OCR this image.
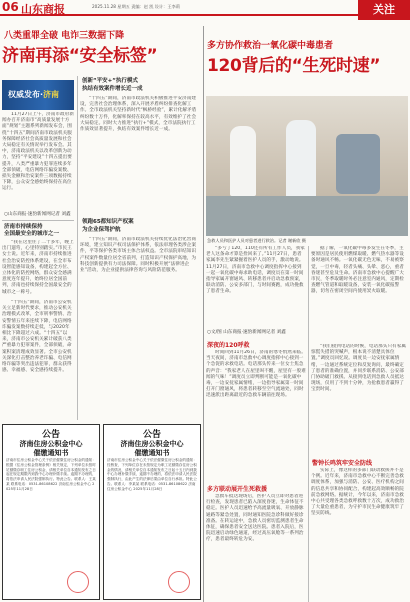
06 山东商报	2025.11.28 星期五 责编：赵 凯 设计：王李莉	关注
八类重罪全破 电诈三数据下降
济南再添“安全标签”
权威发布·济南

11月27日上午，济南市政府新闻办召开济南市“高质量发展十方面”规划”主题系列新闻发布会，围绕“十四五”期间济南市政法机关服务保障经济社会高质量发展和社会大局稳定有关情况举行发布会。其中，济南政法机关以改革创新为动力，坚持“平安建设”十四五提出要提升，八类严重暴力犯罪连续多年全部侦破，电信网络诈骗发案数、损失金额和治安案件三项数据持续下降，公众安全感始终保持在高位运行。

○山东商报·速豹新闻网记者 刘鑫
济南市持续保持
全国最安全的城市之一

“我在这里住了二十多年，晚上出门遛弯，心里特别踏实。”市民王女士说。近年来，济南市持续推进社会治安防控体系建设，在全市布设智能感知设备，构建起全方位、立体化的防控网络，群众安全感满意度连年提升，始终位居全国前列，济南也持续保持全国最安全的城市之一称号。

“十四五”期间，济南市公安机关立足新时代要求，推动公安机关治理模式改革，全市刑事警情、治安警情五年来连续下降，电信网络诈骗发案数持续走低，与2020年相比下降超过六成。“十四五”以来，济南市公安机关累计破获八类严重暴力犯罪案件，全部侦破，命案积案清理成效显著。全市公安机关深化打击整治养老诈骗、电信网络诈骗等突出违法犯罪，群众获得感、幸福感、安全感持续提升。

创新“平安+“执行模式
执结有效案件增长近一成

“十四五”期间，济南市政法机关积极推进平安济南建设，完善社会治理体系，深入开展矛盾纠纷排查化解工作。全市政法机关坚持新时代“枫桥经验”，累计化解矛盾纠纷数十万件，化解率保持在较高水平，有效维护了社会大局稳定。同时大力推进“执行+”模式，全市法院执行工作质效显著提升，执结有效案件增长近一成。

领跑65都知识产权案
为企业保驾护航

“十四五”期间，济南市政法机关持续优化法治化营商环境，建立知识产权司法保护体系，依法审理各类涉企案件，平等保护各类市场主体合法权益。全市法院审结知识产权案件数量位居全省前列，打造知识产权保护高地，为科技创新提供有力司法保障。同时积极开展“法律进企业”活动，为企业提供法律咨询与风险防范服务。

公告
济南住房公积金中心
催缴通知书

济南市住房公积金中心关于依法催缴住房公积金的通知：根据《住房公积金管理条例》相关规定，下列单位未按时足额缴存职工住房公积金，请相关单位自本通知发布之日起在规定期限内到我中心办理补缴手续。逾期不办理的，将依法申请人民法院强制执行。特此公告。联系人：王某某 联系电话：0531-86108622 济南住房公积金中心 2025年11月28日

公告
济南住房公积金中心
催缴通知书

济南市住房公积金中心关于依法催缴住房公积金的通知：经核查，下列单位存在未按规定为职工足额缴存住房公积金的情况，请相关单位自本通知发布之日起十五日内到我中心办理补缴手续，逾期不办理的，将依法申请人民法院强制执行，由此产生的法律后果由单位自行承担。特此公告。联系人：李某某 联系电话：0531-86108622 济南住房公积金中心 2025年11月28日

多方协作救治一氧化碳中毒患者
120背后的“生死时速”
急救人员和医护人员对患者进行救治。记者 谢新欣 摄

“多亏了120，110还有所有工作人员，我家老人这条命才算是捡回来了。”11月27日，患者家属李先生紧紧握着医护人员的手，激动地说。11月27日，济南市急救中心调度指挥中心接到一起一氧化碳中毒求助电话，调度员在第一时间指导家属开窗通风、转移患者并启动急救预案，联动消防、公安多部门，与时间赛跑，成功挽救了患者生命。

○文/图 山东商报·速豹新闻网记者 刘鑫
深夜的120呼救

时间回到11月26日，济南的寒冬悄然来临。当天夜间，济南市急救中心调度指挥中心接到一个急促的求救电话。电话那头传来一位女士焦急的声音：“我家老人在屋里叫不醒，屋里有一股难闻的气味！”调度员立即判断可能是一氧化碳中毒，一边安抚家属情绪，一边指导家属第一时间打开门窗通风，将患者转移至空气流通处，同时迅速派出距离最近的急救车辆前往现场。

多方联动展开生死救援

急救车抵达现场后，医护人员立即对患者进行检查，发现患者已陷入深度昏迷，生命体征不稳定。医护人员迅速给予高流量吸氧、开放静脉通路等紧急处置，同时通知医院急诊科做好接诊准备。在转运途中，急救人员密切监测患者生命体征，确保患者安全送达医院。患者入院后，医院迅速启动绿色通道，经过高压氧舱等一系列治疗，患者最终转危为安。

据了解，一氧化碳中毒多发生在冬季，主要原因是居民使用燃煤取暖、燃气热水器等设备时通风不畅。一氧化碳无色无味，不易被察觉，一旦中毒，轻者头痛、头晕、恶心，重者昏迷甚至危及生命。济南市急救中心提醒广大市民，冬季取暖时务必注意室内通风，定期检查燃气管道和取暖设备，安装一氧化碳报警器，切勿在密闭空间内使用炭火取暖。

“我们接到电话的时候，电话那头只有家属惊慌失措的哭喊声，根本说不清楚具体位置。”调度员回忆说。调度员一边安抚家属情绪，一边通过系统定位和反复询问，最终确定了患者的准确位置，并同步联系消防、公安部门协助破门救援。从接到电话到急救人员抵达现场，仅用了不到十分钟，为抢救患者赢得了宝贵时间。

警钟长鸣筑牢安全防线

实际上，像这样的多部门联动救援并不是个例。近年来，济南市急救中心不断完善急救调度体系，加强与消防、公安、医疗机构之间的信息共享和协同配合，构建起高效顺畅的院前急救网络。据统计，今年以来，济南市急救中心共受理各类急救呼救数十万次，成功救治了大量危重患者，为守护市民生命健康筑牢了坚实防线。
